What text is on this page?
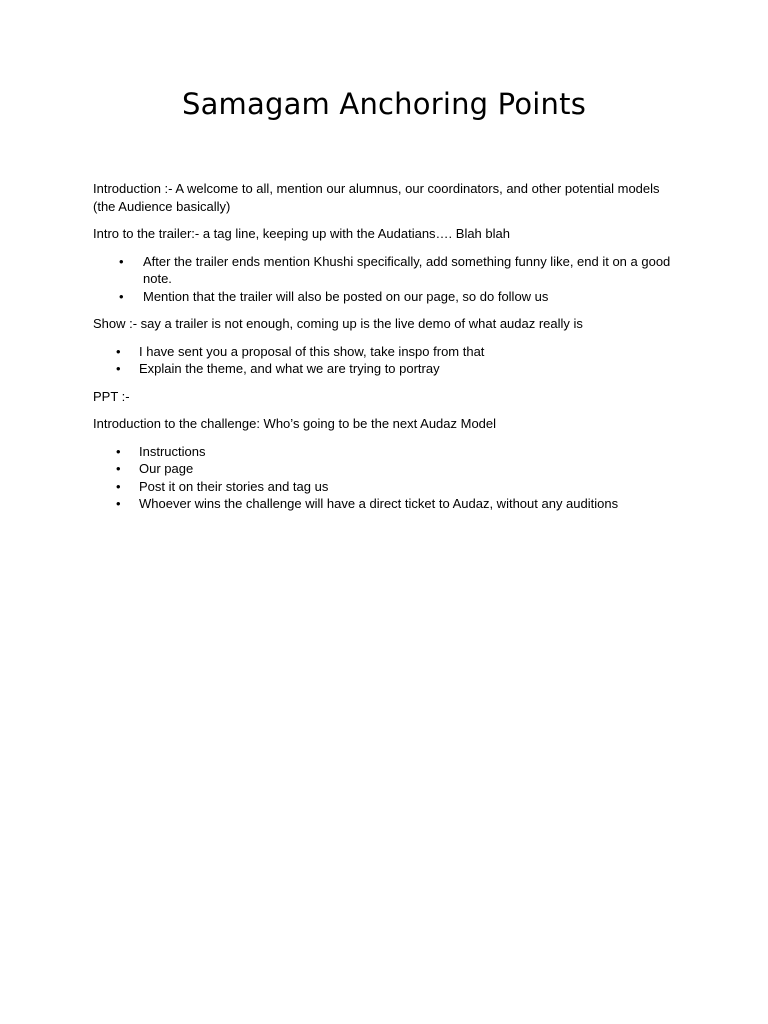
Samagam Anchoring Points

Introduction :- A welcome to all, mention our alumnus, our coordinators, and other potential models (the Audience basically)

Intro to the trailer:- a tag line, keeping up with the Audatians…. Blah blah

• After the trailer ends mention Khushi specifically, add something funny like, end it on a good note.
• Mention that the trailer will also be posted on our page, so do follow us

Show :- say a trailer is not enough, coming up is the live demo of what audaz really is

• I have sent you a proposal of this show, take inspo from that
• Explain the theme, and what we are trying to portray

PPT :-

Introduction to the challenge: Who’s going to be the next Audaz Model

• Instructions
• Our page
• Post it on their stories and tag us
• Whoever wins the challenge will have a direct ticket to Audaz, without any auditions
